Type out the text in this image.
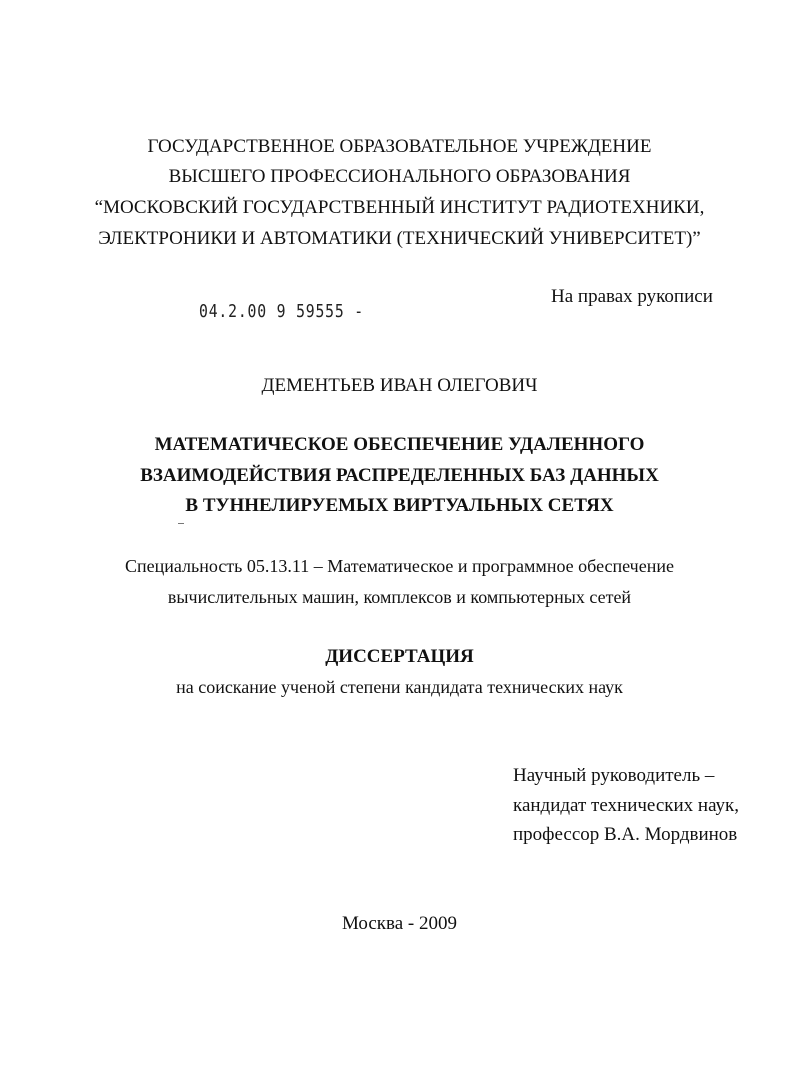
ГОСУДАРСТВЕННОЕ ОБРАЗОВАТЕЛЬНОЕ УЧРЕЖДЕНИЕ
ВЫСШЕГО ПРОФЕССИОНАЛЬНОГО ОБРАЗОВАНИЯ
“МОСКОВСКИЙ ГОСУДАРСТВЕННЫЙ ИНСТИТУТ РАДИОТЕХНИКИ,
ЭЛЕКТРОНИКИ И АВТОМАТИКИ (ТЕХНИЧЕСКИЙ УНИВЕРСИТЕТ)”
На правах рукописи
04.2.00 9 59555 -
ДЕМЕНТЬЕВ ИВАН ОЛЕГОВИЧ
МАТЕМАТИЧЕСКОЕ ОБЕСПЕЧЕНИЕ УДАЛЕННОГО
ВЗАИМОДЕЙСТВИЯ РАСПРЕДЕЛЕННЫХ БАЗ ДАННЫХ
В ТУННЕЛИРУЕМЫХ ВИРТУАЛЬНЫХ СЕТЯХ
Специальность 05.13.11 – Математическое и программное обеспечение
вычислительных машин, комплексов и компьютерных сетей
ДИССЕРТАЦИЯ
на соискание ученой степени кандидата технических наук
Научный руководитель –
кандидат технических наук,
профессор В.А. Мордвинов
Москва - 2009
